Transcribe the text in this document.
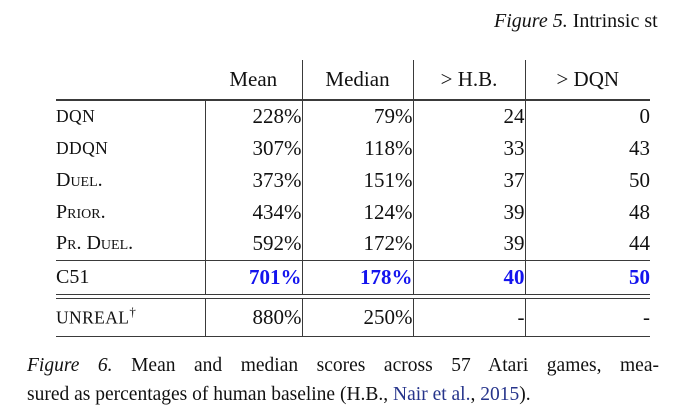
Figure 5. Intrinsic st
	Mean	Median	> H.B.	> DQN
DQN	228%	79%	24	0
DDQN	307%	118%	33	43
Duel.	373%	151%	37	50
Prior.	434%	124%	39	48
Pr. Duel.	592%	172%	39	44
C51	701%	178%	40	50

UNREAL†	880%	250%	-	-
Figure 6. Mean and median scores across 57 Atari games, mea-
sured as percentages of human baseline (H.B., Nair et al., 2015).
